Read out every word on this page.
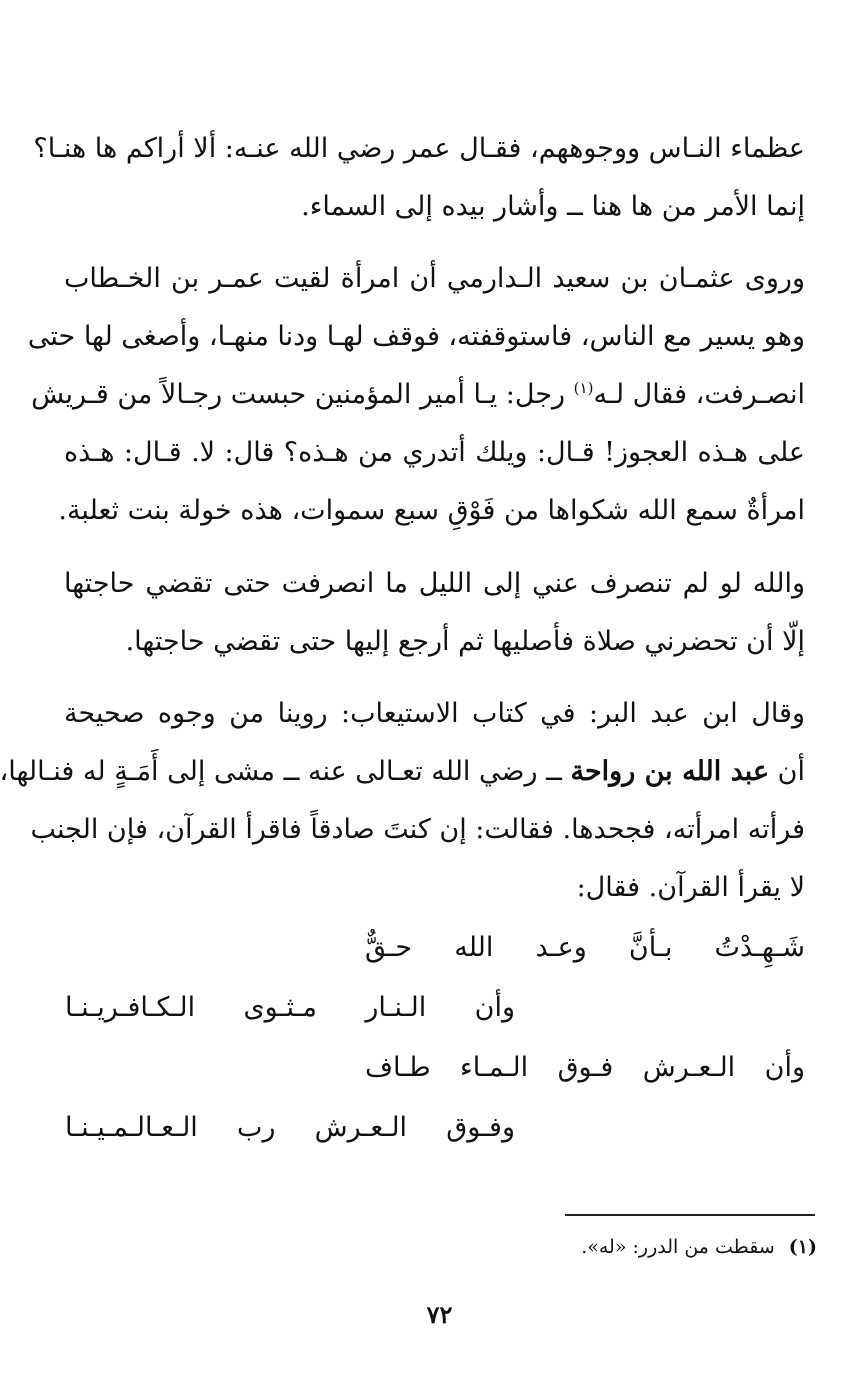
عظماء النـاس ووجوههم، فقـال عمر رضي الله عنـه: ألا أراكم ها هنـا؟
إنما الأمر من ها هنا ــ وأشار بيده إلى السماء.
وروى عثمـان بن سعيد الـدارمي أن امرأة لقيت عمـر بن الخـطاب
وهو يسير مع الناس، فاستوقفته، فوقف لهـا ودنا منهـا، وأصغى لها حتى
انصـرفت، فقال لـه$^{(١)}$ رجل: يـا أمير المؤمنين حبست رجـالاً من قـريش
على هـذه العجوز! قـال: ويلك أتدري من هـذه؟ قال: لا. قـال: هـذه
امرأةٌ سمع الله شكواها من فَوْقِ سبع سموات، هذه خولة بنت ثعلبة.
والله لو لم تنصرف عني إلى الليل ما انصرفت حتى تقضي حاجتها
إلّا أن تحضرني صلاة فأصليها ثم أرجع إليها حتى تقضي حاجتها.
وقال ابن عبد البر: في كتاب الاستيعاب: روينا من وجوه صحيحة
أن عبد الله بن رواحة ــ رضي الله تعـالى عنه ــ مشى إلى أَمَـةٍ له فنـالها،
فرأته امرأته، فجحدها. فقالت: إن كنتَ صادقاً فاقرأ القرآن، فإن الجنب
لا يقرأ القرآن. فقال:
شَـهِـدْتُ بـأنَّ وعـد الله حـقٌّ
وأن الـنـار مـثـوى الـكـافـريـنـا
وأن الـعـرش فـوق الـمـاء طـاف
وفـوق الـعـرش رب الـعـالـمـيـنـا
(١)سقطت من الدرر: «له».
٧٢
